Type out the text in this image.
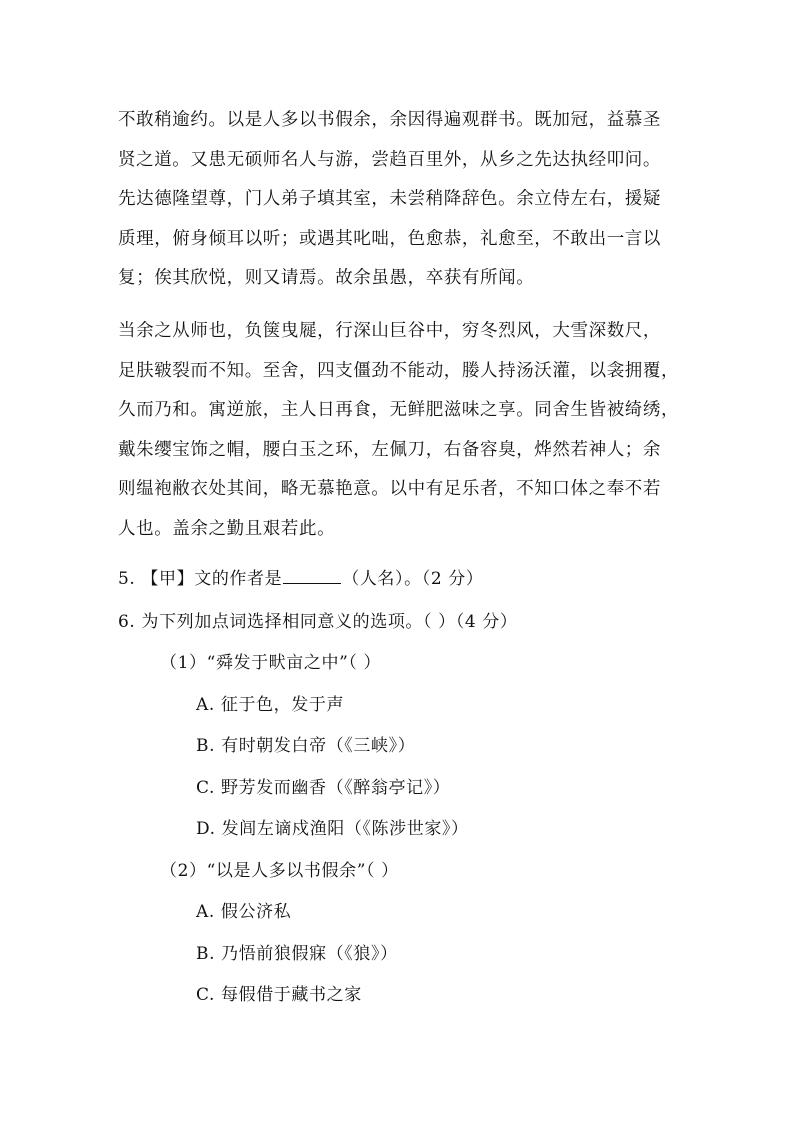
不敢稍逾约。以是人多以书假余，余因得遍观群书。既加冠，益慕圣
贤之道。又患无硕师名人与游，尝趋百里外，从乡之先达执经叩问。
先达德隆望尊，门人弟子填其室，未尝稍降辞色。余立侍左右，援疑
质理，俯身倾耳以听；或遇其叱咄，色愈恭，礼愈至，不敢出一言以
复；俟其欣悦，则又请焉。故余虽愚，卒获有所闻。
当余之从师也，负箧曳屣，行深山巨谷中，穷冬烈风，大雪深数尺，
足肤皲裂而不知。至舍，四支僵劲不能动，媵人持汤沃灌，以衾拥覆，
久而乃和。寓逆旅，主人日再食，无鲜肥滋味之享。同舍生皆被绮绣，
戴朱缨宝饰之帽，腰白玉之环，左佩刀，右备容臭，烨然若神人；余
则缊袍敝衣处其间，略无慕艳意。以中有足乐者，不知口体之奉不若
人也。盖余之勤且艰若此。
5. 【甲】文的作者是	（人名）。（2 分）
6. 为下列加点词选择相同意义的选项。（ ）（4 分）
（1）“舜发于畎亩之中”（ ）
A. 征于色，发于声
B. 有时朝发白帝（《三峡》）
C. 野芳发而幽香（《醉翁亭记》）
D. 发闾左谪戍渔阳（《陈涉世家》）
（2）“以是人多以书假余”（ ）
A. 假公济私
B. 乃悟前狼假寐（《狼》）
C. 每假借于藏书之家
